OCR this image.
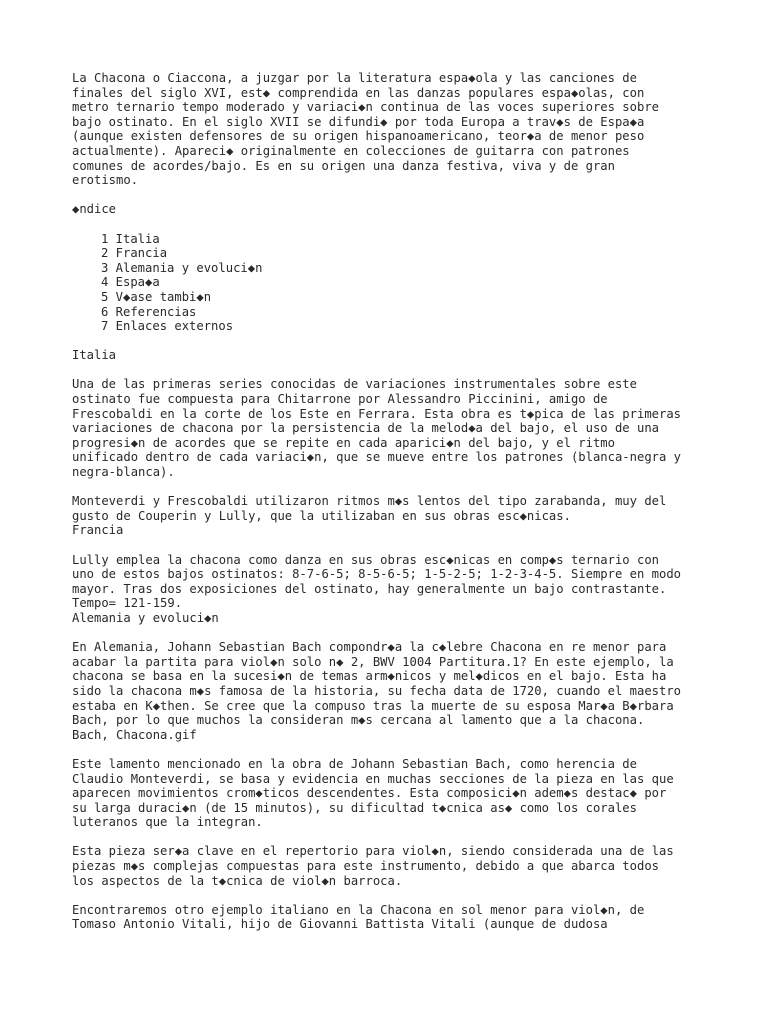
La Chacona o Ciaccona, a juzgar por la literatura espa◆ola y las canciones de

finales del siglo XVI, est◆ comprendida en las danzas populares espa◆olas, con

metro ternario tempo moderado y variaci◆n continua de las voces superiores sobre

bajo ostinato. En el siglo XVII se difundi◆ por toda Europa a trav◆s de Espa◆a

(aunque existen defensores de su origen hispanoamericano, teor◆a de menor peso

actualmente). Apareci◆ originalmente en colecciones de guitarra con patrones

comunes de acordes/bajo. Es en su origen una danza festiva, viva y de gran

erotismo.

◆ndice

1 Italia
2 Francia
3 Alemania y evoluci◆n
4 Espa◆a
5 V◆ase tambi◆n
6 Referencias
7 Enlaces externos

Italia

Una de las primeras series conocidas de variaciones instrumentales sobre este

ostinato fue compuesta para Chitarrone por Alessandro Piccinini, amigo de

Frescobaldi en la corte de los Este en Ferrara. Esta obra es t◆pica de las primeras

variaciones de chacona por la persistencia de la melod◆a del bajo, el uso de una

progresi◆n de acordes que se repite en cada aparici◆n del bajo, y el ritmo

unificado dentro de cada variaci◆n, que se mueve entre los patrones (blanca-negra y

negra-blanca).

Monteverdi y Frescobaldi utilizaron ritmos m◆s lentos del tipo zarabanda, muy del

gusto de Couperin y Lully, que la utilizaban en sus obras esc◆nicas.

Francia

Lully emplea la chacona como danza en sus obras esc◆nicas en comp◆s ternario con

uno de estos bajos ostinatos: 8-7-6-5; 8-5-6-5; 1-5-2-5; 1-2-3-4-5. Siempre en modo

mayor. Tras dos exposiciones del ostinato, hay generalmente un bajo contrastante.

Tempo= 121-159.

Alemania y evoluci◆n

En Alemania, Johann Sebastian Bach compondr◆a la c◆lebre Chacona en re menor para

acabar la partita para viol◆n solo n◆ 2, BWV 1004 Partitura.1? En este ejemplo, la

chacona se basa en la sucesi◆n de temas arm◆nicos y mel◆dicos en el bajo. Esta ha

sido la chacona m◆s famosa de la historia, su fecha data de 1720, cuando el maestro

estaba en K◆then. Se cree que la compuso tras la muerte de su esposa Mar◆a B◆rbara

Bach, por lo que muchos la consideran m◆s cercana al lamento que a la chacona.

Bach, Chacona.gif

Este lamento mencionado en la obra de Johann Sebastian Bach, como herencia de

Claudio Monteverdi, se basa y evidencia en muchas secciones de la pieza en las que

aparecen movimientos crom◆ticos descendentes. Esta composici◆n adem◆s destac◆ por

su larga duraci◆n (de 15 minutos), su dificultad t◆cnica as◆ como los corales

luteranos que la integran.

Esta pieza ser◆a clave en el repertorio para viol◆n, siendo considerada una de las

piezas m◆s complejas compuestas para este instrumento, debido a que abarca todos

los aspectos de la t◆cnica de viol◆n barroca.

Encontraremos otro ejemplo italiano en la Chacona en sol menor para viol◆n, de

Tomaso Antonio Vitali, hijo de Giovanni Battista Vitali (aunque de dudosa
